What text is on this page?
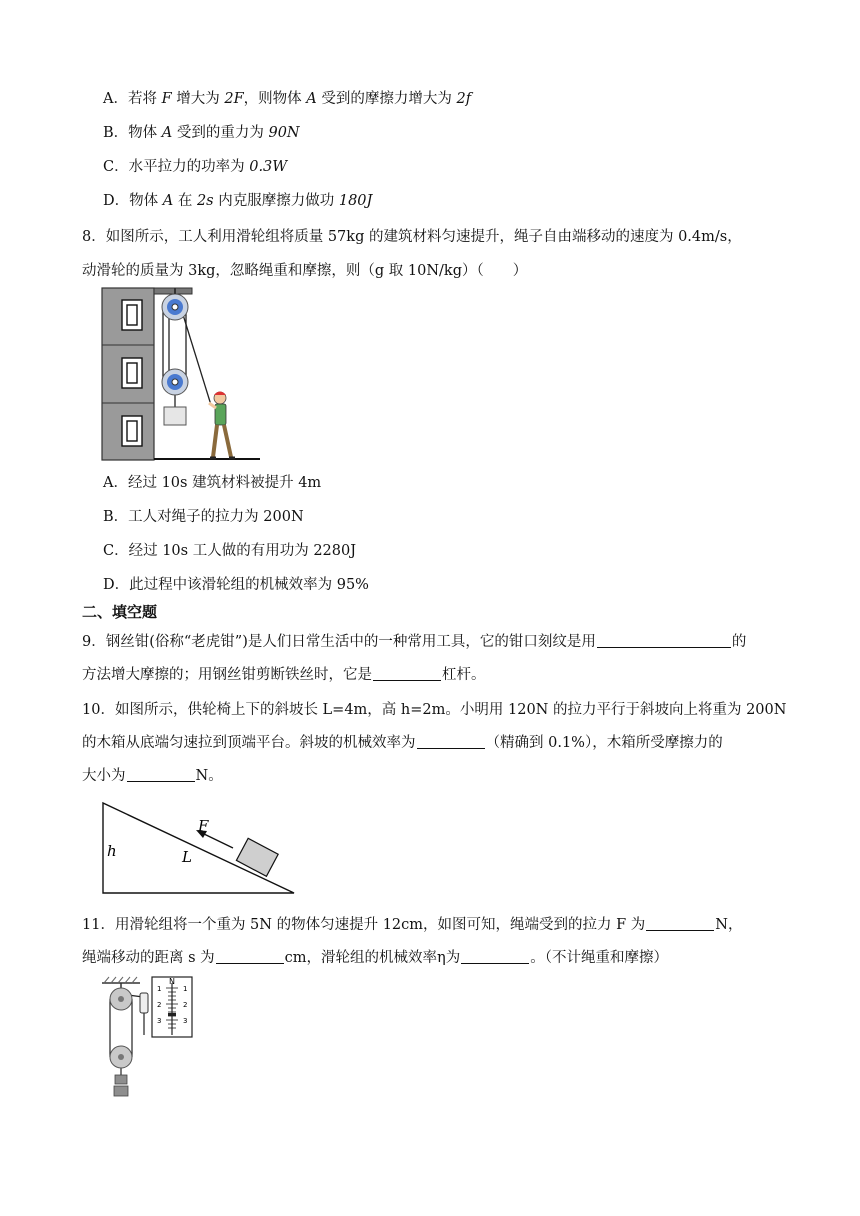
A．若将 F 增大为 2F，则物体 A 受到的摩擦力增大为 2f
B．物体 A 受到的重力为 90N
C．水平拉力的功率为 0.3W
D．物体 A 在 2s 内克服摩擦力做功 180J
8．如图所示，工人利用滑轮组将质量 57kg 的建筑材料匀速提升，绳子自由端移动的速度为 0.4m/s，
动滑轮的质量为 3kg，忽略绳重和摩擦，则（g 取 10N/kg）（　　）
A．经过 10s 建筑材料被提升 4m
B．工人对绳子的拉力为 200N
C．经过 10s 工人做的有用功为 2280J
D．此过程中该滑轮组的机械效率为 95%
二、填空题
9．钢丝钳(俗称“老虎钳”)是人们日常生活中的一种常用工具，它的钳口刻纹是用	的
方法增大摩擦的；用钢丝钳剪断铁丝时，它是	杠杆。
10．如图所示，供轮椅上下的斜坡长 L=4m，高 h=2m。小明用 120N 的拉力平行于斜坡向上将重为 200N
的木箱从底端匀速拉到顶端平台。斜坡的机械效率为	（精确到 0.1%），木箱所受摩擦力的
大小为	N。
h	L
F
11．用滑轮组将一个重为 5N 的物体匀速提升 12cm，如图可知，绳端受到的拉力 F 为	N，
绳端移动的距离 s 为	cm，滑轮组的机械效率η为	。（不计绳重和摩擦）
N
1
2
3
1
2
3
